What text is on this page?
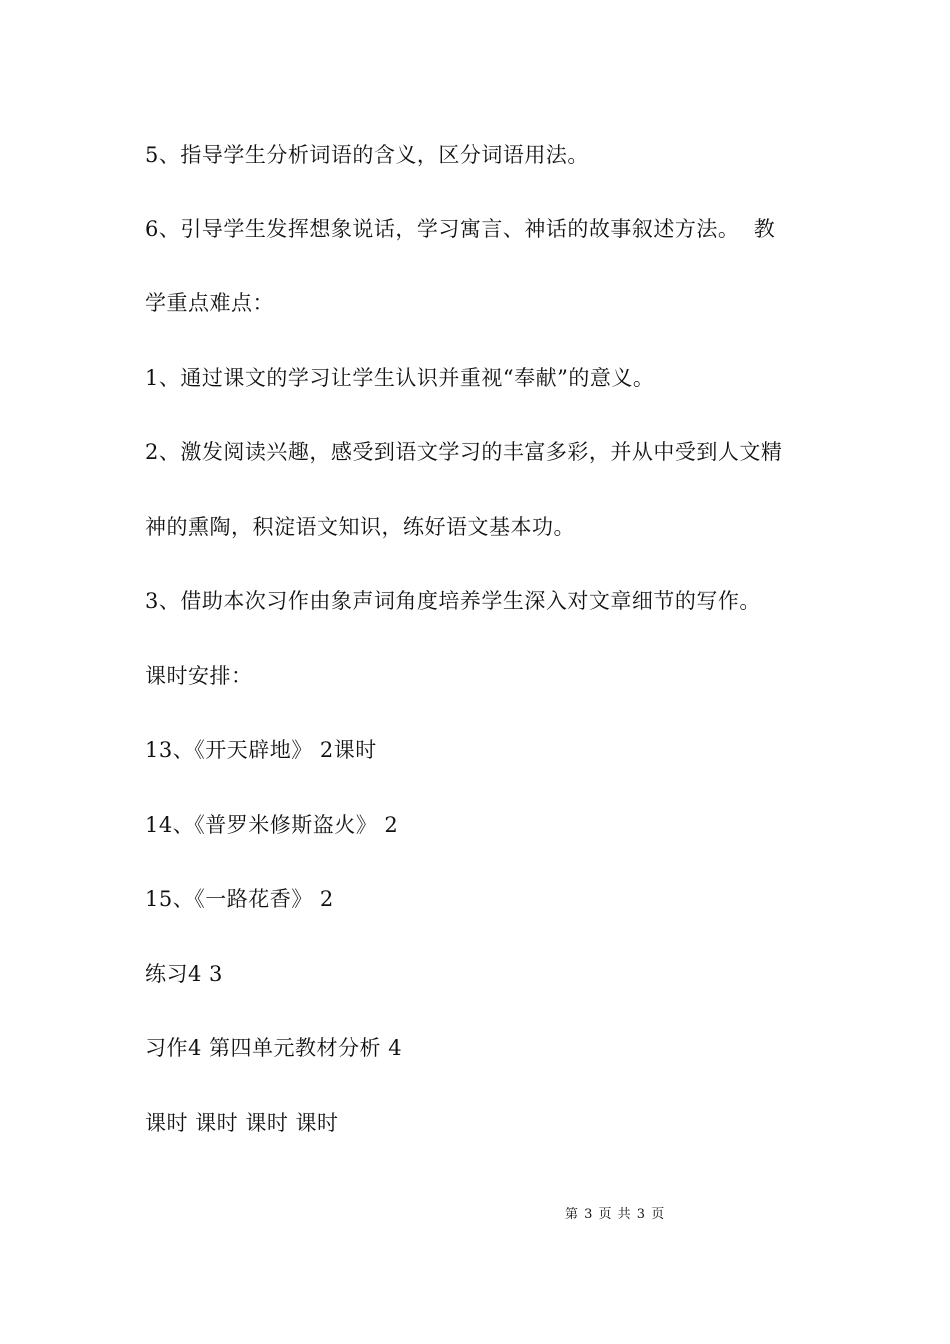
5、指导学生分析词语的含义，区分词语用法。
6、引导学生发挥想象说话，学习寓言、神话的故事叙述方法。  教
学重点难点：
1、通过课文的学习让学生认识并重视“奉献”的意义。
2、激发阅读兴趣，感受到语文学习的丰富多彩，并从中受到人文精
神的熏陶，积淀语文知识，练好语文基本功。
3、借助本次习作由象声词角度培养学生深入对文章细节的写作。
课时安排：
13、《开天辟地》 2课时
14、《普罗米修斯盗火》 2
15、《一路花香》 2
练习4 3
习作4 第四单元教材分析 4
课时 课时 课时 课时
第 3 页 共 3 页
